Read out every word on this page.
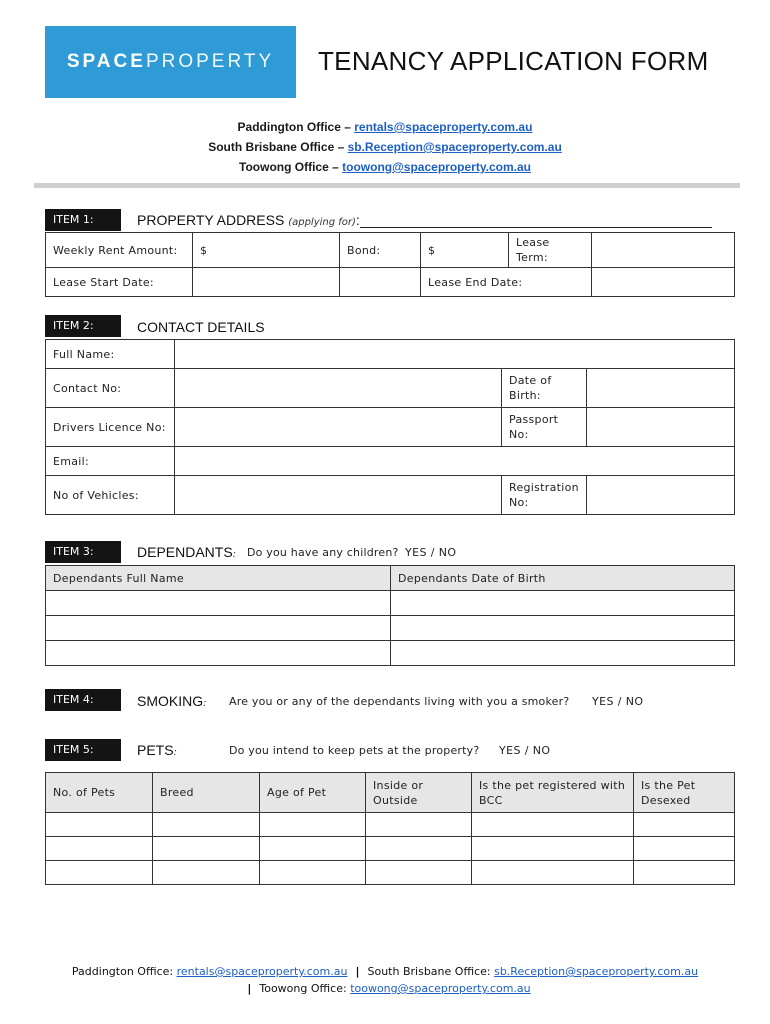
SPACEPROPERTY TENANCY APPLICATION FORM
Paddington Office – rentals@spaceproperty.com.au
South Brisbane Office – sb.Reception@spaceproperty.com.au
Toowong Office – toowong@spaceproperty.com.au
ITEM 1:	PROPERTY ADDRESS (applying for):
Weekly Rent Amount:	$	Bond:	$	Lease Term:	
Lease Start Date:			Lease End Date:		
ITEM 2:	CONTACT DETAILS
Full Name:			
Contact No:		Date of Birth:	
Drivers Licence No:		Passport No:	
Email:			
No of Vehicles:		Registration No:	
ITEM 3:	DEPENDANTS: Do you have any children? YES / NO
Dependants Full Name	Dependants Date of Birth

ITEM 4:	SMOKING: Are you or any of the dependants living with you a smoker? YES / NO
ITEM 5:	PETS:	Do you intend to keep pets at the property? YES / NO
No. of Pets	Breed	Age of Pet	Inside or Outside	Is the pet registered with BCC	Is the Pet Desexed

Paddington Office: rentals@spaceproperty.com.au | South Brisbane Office: sb.Reception@spaceproperty.com.au
| Toowong Office: toowong@spaceproperty.com.au
